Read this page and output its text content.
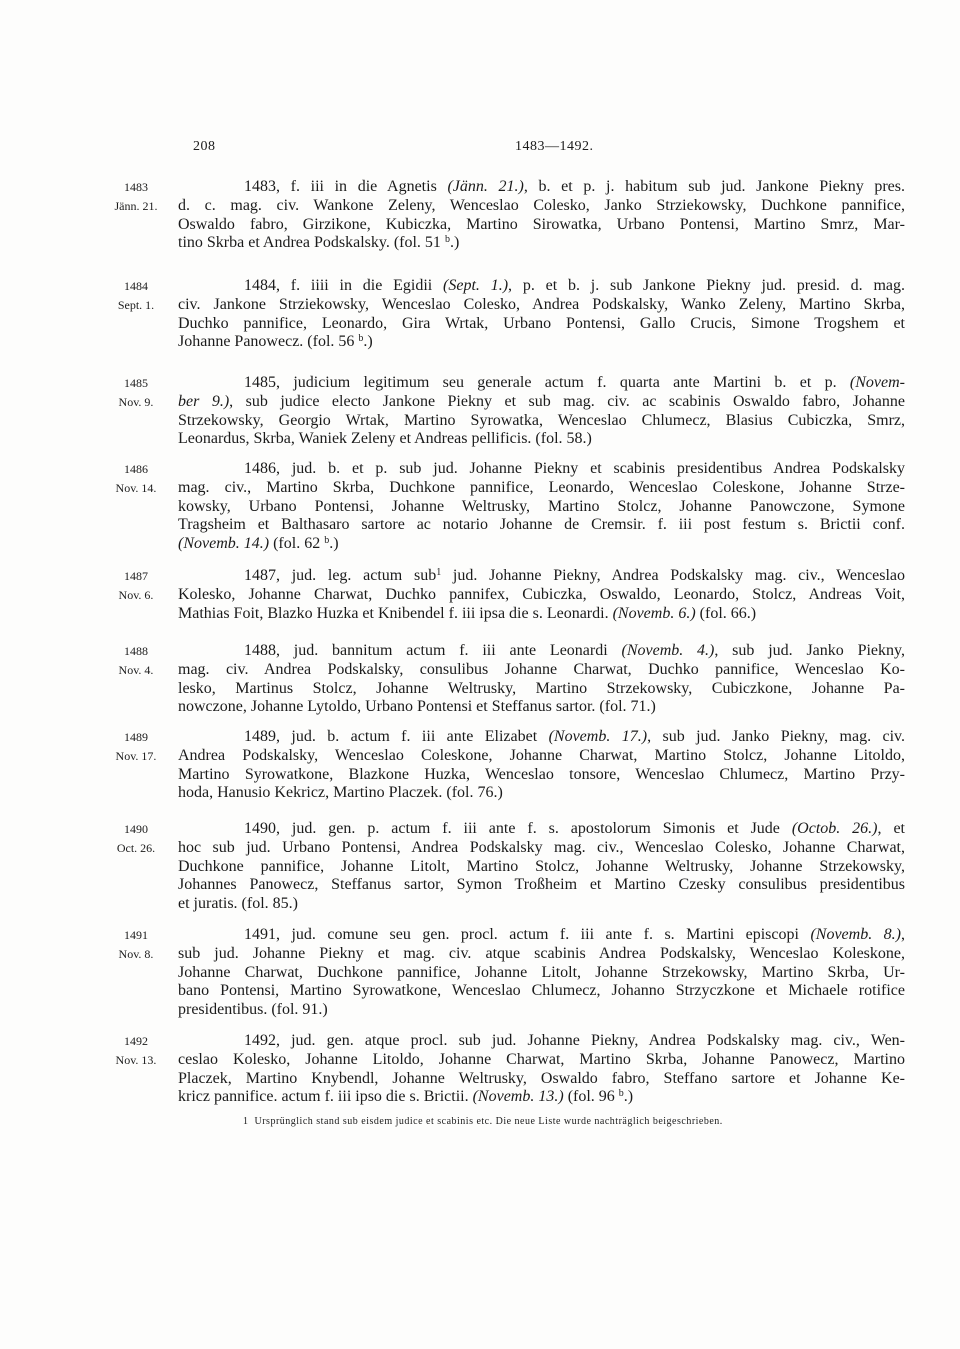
208	1483—1492.
1483
Jänn. 21.
1483, f. iii in die Agnetis (Jänn. 21.), b. et p. j. habitum sub jud. Jankone Piekny pres.
d. c. mag. civ. Wankone Zeleny, Wenceslao Colesko, Janko Strziekowsky, Duchkone pannifice,
Oswaldo fabro, Girzikone, Kubiczka, Martino Sirowatka, Urbano Pontensi, Martino Smrz, Mar-
tino Skrba et Andrea Podskalsky. (fol. 51 $^b$.)
1484
Sept. 1.
1484, f. iiii in die Egidii (Sept. 1.), p. et b. j. sub Jankone Piekny jud. presid. d. mag.
civ. Jankone Strziekowsky, Wenceslao Colesko, Andrea Podskalsky, Wanko Zeleny, Martino Skrba,
Duchko pannifice, Leonardo, Gira Wrtak, Urbano Pontensi, Gallo Crucis, Simone Trogshem et
Johanne Panowecz. (fol. 56 $^b$.)
1485
Nov. 9.
1485, judicium legitimum seu generale actum f. quarta ante Martini b. et p. (Novem-
ber 9.), sub judice electo Jankone Piekny et sub mag. civ. ac scabinis Oswaldo fabro, Johanne
Strzekowsky, Georgio Wrtak, Martino Syrowatka, Wenceslao Chlumecz, Blasius Cubiczka, Smrz,
Leonardus, Skrba, Waniek Zeleny et Andreas pellificis. (fol. 58.)
1486
Nov. 14.
1486, jud. b. et p. sub jud. Johanne Piekny et scabinis presidentibus Andrea Podskalsky
mag. civ., Martino Skrba, Duchkone pannifice, Leonardo, Wenceslao Coleskone, Johanne Strze-
kowsky, Urbano Pontensi, Johanne Weltrusky, Martino Stolcz, Johanne Panowczone, Symone
Tragsheim et Balthasaro sartore ac notario Johanne de Cremsir. f. iii post festum s. Brictii conf.
(Novemb. 14.) (fol. 62 $^b$.)
1487
Nov. 6.
1487, jud. leg. actum sub$^1$ jud. Johanne Piekny, Andrea Podskalsky mag. civ., Wenceslao
Kolesko, Johanne Charwat, Duchko pannifex, Cubiczka, Oswaldo, Leonardo, Stolcz, Andreas Voit,
Mathias Foit, Blazko Huzka et Knibendel f. iii ipsa die s. Leonardi. (Novemb. 6.) (fol. 66.)
1488
Nov. 4.
1488, jud. bannitum actum f. iii ante Leonardi (Novemb. 4.), sub jud. Janko Piekny,
mag. civ. Andrea Podskalsky, consulibus Johanne Charwat, Duchko pannifice, Wenceslao Ko-
lesko, Martinus Stolcz, Johanne Weltrusky, Martino Strzekowsky, Cubiczkone, Johanne Pa-
nowczone, Johanne Lytoldo, Urbano Pontensi et Steffanus sartor. (fol. 71.)
1489
Nov. 17.
1489, jud. b. actum f. iii ante Elizabet (Novemb. 17.), sub jud. Janko Piekny, mag. civ.
Andrea Podskalsky, Wenceslao Coleskone, Johanne Charwat, Martino Stolcz, Johanne Litoldo,
Martino Syrowatkone, Blazkone Huzka, Wenceslao tonsore, Wenceslao Chlumecz, Martino Przy-
hoda, Hanusio Kekricz, Martino Placzek. (fol. 76.)
1490
Oct. 26.
1490, jud. gen. p. actum f. iii ante f. s. apostolorum Simonis et Jude (Octob. 26.), et
hoc sub jud. Urbano Pontensi, Andrea Podskalsky mag. civ., Wenceslao Colesko, Johanne Charwat,
Duchkone pannifice, Johanne Litolt, Martino Stolcz, Johanne Weltrusky, Johanne Strzekowsky,
Johannes Panowecz, Steffanus sartor, Symon Troßheim et Martino Czesky consulibus presidentibus
et juratis. (fol. 85.)
1491
Nov. 8.
1491, jud. comune seu gen. procl. actum f. iii ante f. s. Martini episcopi (Novemb. 8.),
sub jud. Johanne Piekny et mag. civ. atque scabinis Andrea Podskalsky, Wenceslao Koleskone,
Johanne Charwat, Duchkone pannifice, Johanne Litolt, Johanne Strzekowsky, Martino Skrba, Ur-
bano Pontensi, Martino Syrowatkone, Wenceslao Chlumecz, Johanno Strzyczkone et Michaele rotifice
presidentibus. (fol. 91.)
1492
Nov. 13.
1492, jud. gen. atque procl. sub jud. Johanne Piekny, Andrea Podskalsky mag. civ., Wen-
ceslao Kolesko, Johanne Litoldo, Johanne Charwat, Martino Skrba, Johanne Panowecz, Martino
Placzek, Martino Knybendl, Johanne Weltrusky, Oswaldo fabro, Steffano sartore et Johanne Ke-
kricz pannifice. actum f. iii ipso die s. Brictii. (Novemb. 13.) (fol. 96 $^b$.)
1 Ursprünglich stand sub eisdem judice et scabinis etc. Die neue Liste wurde nachträglich beigeschrieben.
